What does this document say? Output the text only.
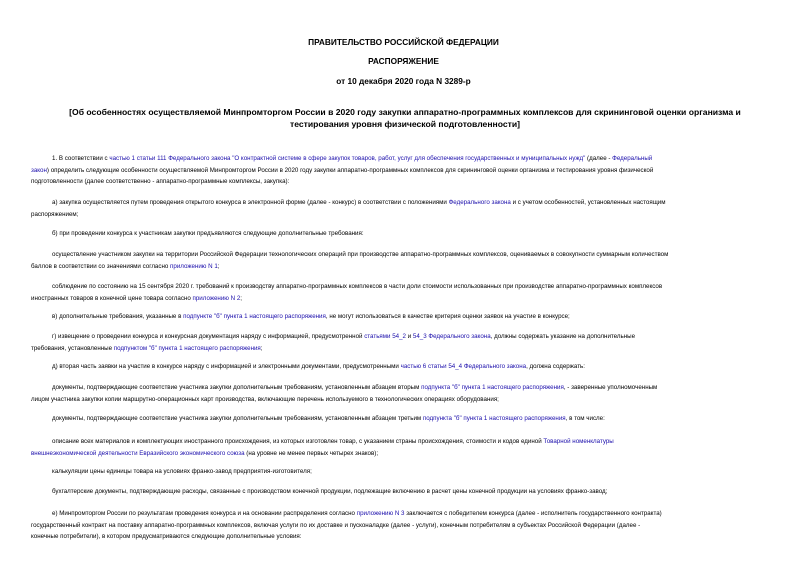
ПРАВИТЕЛЬСТВО РОССИЙСКОЙ ФЕДЕРАЦИИ
РАСПОРЯЖЕНИЕ
от 10 декабря 2020 года N 3289-р
[Об особенностях осуществляемой Минпромторгом России в 2020 году закупки аппаратно-программных комплексов для скрининговой оценки организма и
тестирования уровня физической подготовленности]
1. В соответствии с частью 1 статьи 111 Федерального закона "О контрактной системе в сфере закупок товаров, работ, услуг для обеспечения государственных и муниципальных нужд" (далее - Федеральный
закон) определить следующие особенности осуществляемой Минпромторгом России в 2020 году закупки аппаратно-программных комплексов для скрининговой оценки организма и тестирования уровня физической
подготовленности (далее соответственно - аппаратно-программные комплексы, закупка):
а) закупка осуществляется путем проведения открытого конкурса в электронной форме (далее - конкурс) в соответствии с положениями Федерального закона и с учетом особенностей, установленных настоящим
распоряжением;
б) при проведении конкурса к участникам закупки предъявляются следующие дополнительные требования:
осуществление участником закупки на территории Российской Федерации технологических операций при производстве аппаратно-программных комплексов, оцениваемых в совокупности суммарным количеством
баллов в соответствии со значениями согласно приложению N 1;
соблюдение по состоянию на 15 сентября 2020 г. требований к производству аппаратно-программных комплексов в части доли стоимости использованных при производстве аппаратно-программных комплексов
иностранных товаров в конечной цене товара согласно приложению N 2;
в) дополнительные требования, указанные в подпункте "б" пункта 1 настоящего распоряжения, не могут использоваться в качестве критерия оценки заявок на участие в конкурсе;
г) извещение о проведении конкурса и конкурсная документация наряду с информацией, предусмотренной статьями 54_2 и 54_3 Федерального закона, должны содержать указание на дополнительные
требования, установленные подпунктом "б" пункта 1 настоящего распоряжения;
д) вторая часть заявки на участие в конкурсе наряду с информацией и электронными документами, предусмотренными частью 6 статьи 54_4 Федерального закона, должна содержать:
документы, подтверждающие соответствие участника закупки дополнительным требованиям, установленным абзацем вторым подпункта "б" пункта 1 настоящего распоряжения, - заверенные уполномоченным
лицом участника закупки копии маршрутно-операционных карт производства, включающие перечень используемого в технологических операциях оборудования;
документы, подтверждающие соответствие участника закупки дополнительным требованиям, установленным абзацем третьим подпункта "б" пункта 1 настоящего распоряжения, в том числе:
описание всех материалов и комплектующих иностранного происхождения, из которых изготовлен товар, с указанием страны происхождения, стоимости и кодов единой Товарной номенклатуры
внешнеэкономической деятельности Евразийского экономического союза (на уровне не менее первых четырех знаков);
калькуляции цены единицы товара на условиях франко-завод предприятия-изготовителя;
бухгалтерские документы, подтверждающие расходы, связанные с производством конечной продукции, подлежащие включению в расчет цены конечной продукции на условиях франко-завод;
е) Минпромторгом России по результатам проведения конкурса и на основании распределения согласно приложению N 3 заключается с победителем конкурса (далее - исполнитель государственного контракта)
государственный контракт на поставку аппаратно-программных комплексов, включая услуги по их доставке и пусконаладке (далее - услуги), конечным потребителям в субъектах Российской Федерации (далее -
конечные потребители), в котором предусматриваются следующие дополнительные условия:
